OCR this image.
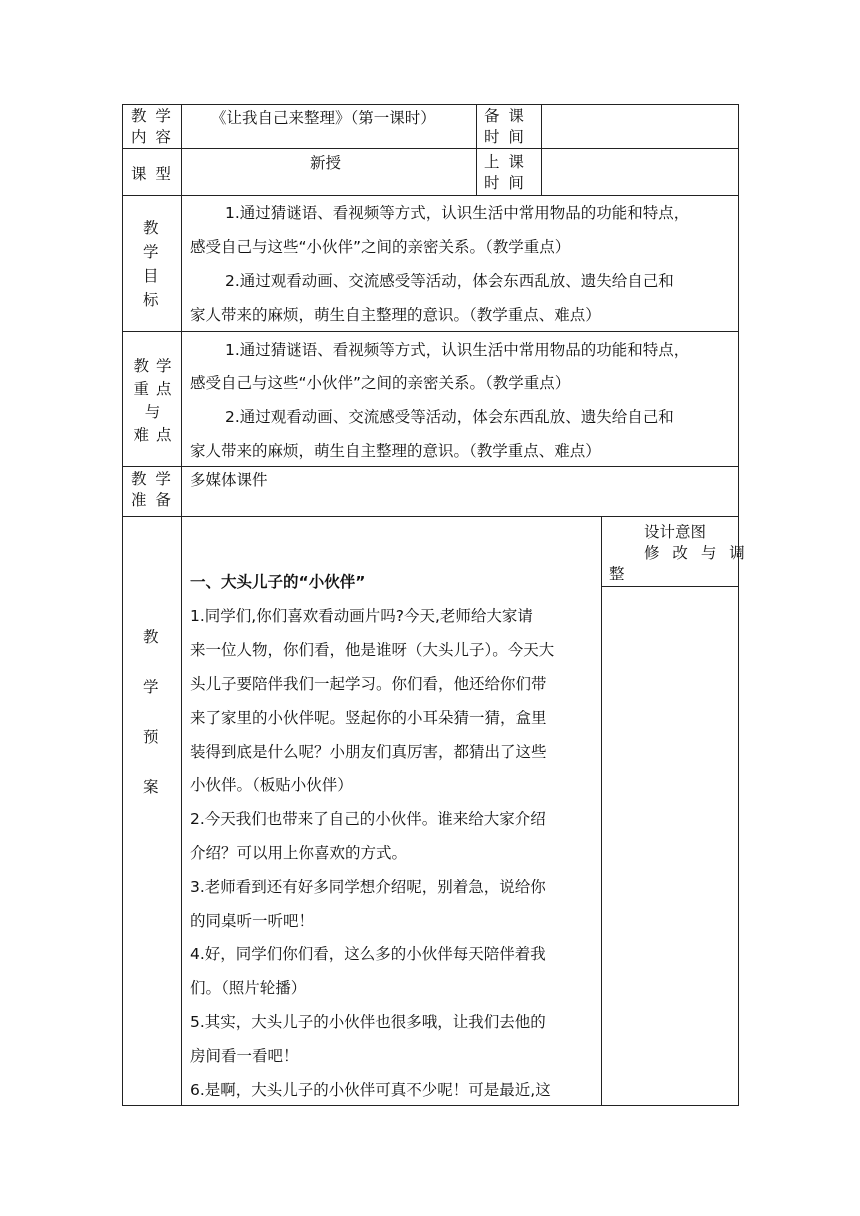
教 学
内 容
《让我自己来整理》（第一课时）	备 课
时 间
课 型
新授	上 课
时 间
教
学
目
标
1.通过猜谜语、看视频等方式，认识生活中常用物品的功能和特点，
感受自己与这些“小伙伴”之间的亲密关系。（教学重点）
2.通过观看动画、交流感受等活动，体会东西乱放、遗失给自己和
家人带来的麻烦，萌生自主整理的意识。（教学重点、难点）
教 学
重 点
与
难 点
1.通过猜谜语、看视频等方式，认识生活中常用物品的功能和特点，
感受自己与这些“小伙伴”之间的亲密关系。（教学重点）
2.通过观看动画、交流感受等活动，体会东西乱放、遗失给自己和
家人带来的麻烦，萌生自主整理的意识。（教学重点、难点）
教 学
准 备
多媒体课件
教
学
预
案
设计意图
修 改 与 调
整
一、大头儿子的“小伙伴”
1.同学们,你们喜欢看动画片吗?今天,老师给大家请
来一位人物，你们看，他是谁呀（大头儿子）。今天大
头儿子要陪伴我们一起学习。你们看，他还给你们带
来了家里的小伙伴呢。竖起你的小耳朵猜一猜，盒里
装得到底是什么呢？小朋友们真厉害，都猜出了这些
小伙伴。（板贴小伙伴）
2.今天我们也带来了自己的小伙伴。谁来给大家介绍
介绍？可以用上你喜欢的方式。
3.老师看到还有好多同学想介绍呢，别着急，说给你
的同桌听一听吧！
4.好，同学们你们看，这么多的小伙伴每天陪伴着我
们。（照片轮播）
5.其实，大头儿子的小伙伴也很多哦，让我们去他的
房间看一看吧！
6.是啊，大头儿子的小伙伴可真不少呢！可是最近,这
